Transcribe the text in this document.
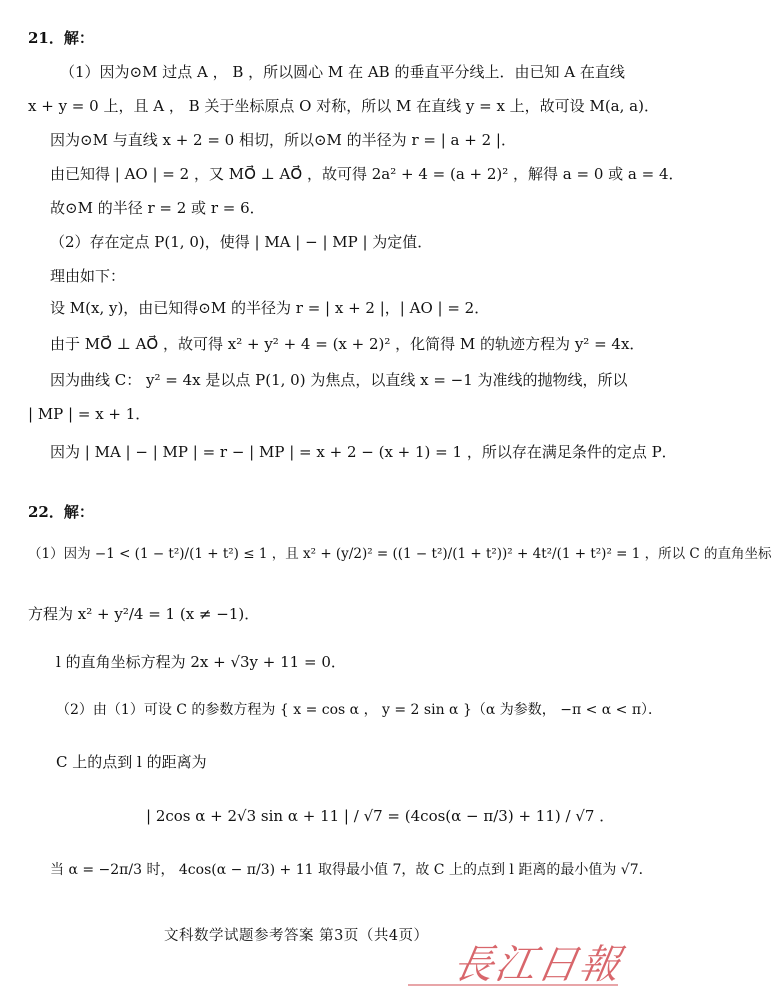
21．解：
（1）因为⊙M 过点 A ， B ，所以圆心 M 在 AB 的垂直平分线上．由已知 A 在直线
x + y = 0 上，且 A ， B 关于坐标原点 O 对称，所以 M 在直线 y = x 上，故可设 M(a, a)．
因为⊙M 与直线 x + 2 = 0 相切，所以⊙M 的半径为 r = | a + 2 |．
由已知得 | AO | = 2 ，又 MO⃗ ⊥ AO⃗ ，故可得 2a² + 4 = (a + 2)² ，解得 a = 0 或 a = 4．
故⊙M 的半径 r = 2 或 r = 6．
（2）存在定点 P(1, 0)，使得 | MA | − | MP | 为定值．
理由如下：
设 M(x, y)，由已知得⊙M 的半径为 r = | x + 2 |，| AO | = 2．
由于 MO⃗ ⊥ AO⃗ ，故可得 x² + y² + 4 = (x + 2)² ，化简得 M 的轨迹方程为 y² = 4x．
因为曲线 C： y² = 4x 是以点 P(1, 0) 为焦点，以直线 x = −1 为准线的抛物线，所以
| MP | = x + 1．
因为 | MA | − | MP | = r − | MP | = x + 2 − (x + 1) = 1 ，所以存在满足条件的定点 P．
22．解：
（1）因为 −1 < (1 − t²)/(1 + t²) ≤ 1 ，且 x² + (y/2)² = ((1 − t²)/(1 + t²))² + 4t²/(1 + t²)² = 1 ，所以 C 的直角坐标
方程为 x² + y²/4 = 1 (x ≠ −1)．
l 的直角坐标方程为 2x + √3y + 11 = 0．
（2）由（1）可设 C 的参数方程为 { x = cos α ， y = 2 sin α }（α 为参数， −π < α < π）．
C 上的点到 l 的距离为
| 2cos α + 2√3 sin α + 11 | / √7 = (4cos(α − π/3) + 11) / √7 ．
当 α = −2π/3 时， 4cos(α − π/3) + 11 取得最小值 7，故 C 上的点到 l 距离的最小值为 √7．
文科数学试题参考答案 第3页（共4页）
長江日報
